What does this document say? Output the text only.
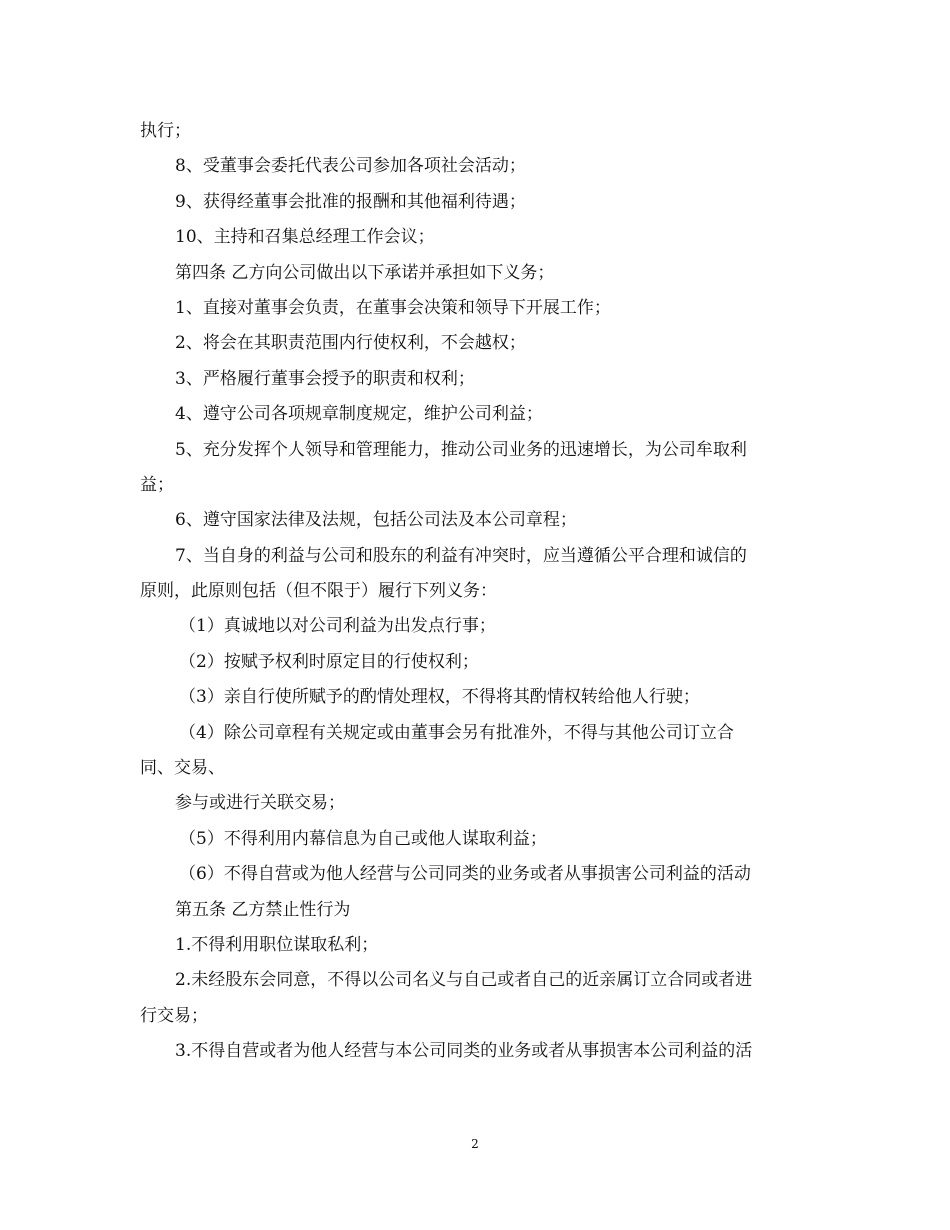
执行；
8、受董事会委托代表公司参加各项社会活动；
9、获得经董事会批准的报酬和其他福利待遇；
10、主持和召集总经理工作会议；
第四条 乙方向公司做出以下承诺并承担如下义务；
1、直接对董事会负责，在董事会决策和领导下开展工作；
2、将会在其职责范围内行使权利，不会越权；
3、严格履行董事会授予的职责和权利；
4、遵守公司各项规章制度规定，维护公司利益；
5、充分发挥个人领导和管理能力，推动公司业务的迅速增长，为公司牟取利
益；
6、遵守国家法律及法规，包括公司法及本公司章程；
7、当自身的利益与公司和股东的利益有冲突时，应当遵循公平合理和诚信的
原则，此原则包括（但不限于）履行下列义务：
（1）真诚地以对公司利益为出发点行事；
（2）按赋予权利时原定目的行使权利；
（3）亲自行使所赋予的酌情处理权，不得将其酌情权转给他人行驶；
（4）除公司章程有关规定或由董事会另有批准外，不得与其他公司订立合
同、交易、
参与或进行关联交易；
（5）不得利用内幕信息为自己或他人谋取利益；
（6）不得自营或为他人经营与公司同类的业务或者从事损害公司利益的活动
第五条 乙方禁止性行为
1.不得利用职位谋取私利；
2.未经股东会同意，不得以公司名义与自己或者自己的近亲属订立合同或者进
行交易；
3.不得自营或者为他人经营与本公司同类的业务或者从事损害本公司利益的活
2
